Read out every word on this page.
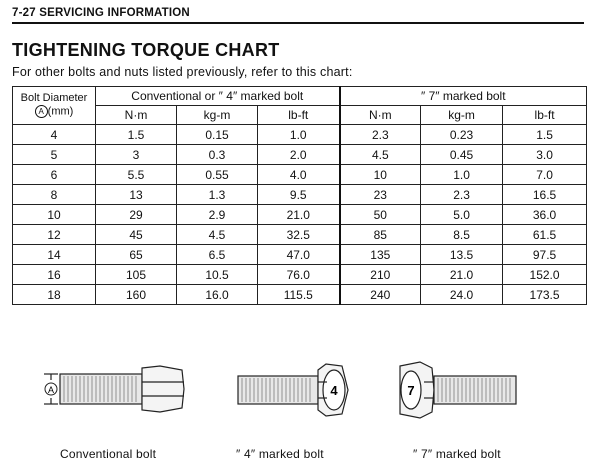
7-27 SERVICING INFORMATION
TIGHTENING TORQUE CHART
For other bolts and nuts listed previously, refer to this chart:
Bolt Diameter
A (mm)	Conventional or ″ 4″ marked bolt			″ 7″ marked bolt		
	N·m	kg-m	lb-ft	N·m	kg-m	lb-ft
4	1.5	0.15	1.0	2.3	0.23	1.5
5	3	0.3	2.0	4.5	0.45	3.0
6	5.5	0.55	4.0	10	1.0	7.0
8	13	1.3	9.5	23	2.3	16.5
10	29	2.9	21.0	50	5.0	36.0
12	45	4.5	32.5	85	8.5	61.5
14	65	6.5	47.0	135	13.5	97.5
16	105	10.5	76.0	210	21.0	152.0
18	160	16.0	115.5	240	24.0	173.5
A	4	7
Conventional bolt	″ 4″ marked bolt	″ 7″ marked bolt
